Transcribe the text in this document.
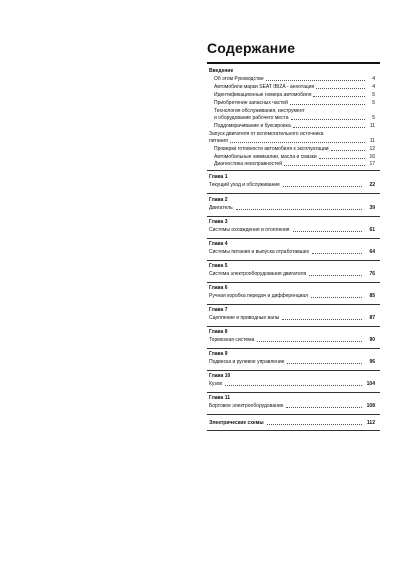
Содержание
Введение
Об этом Руководстве	4
Автомобили марки SEAT IBIZA - аннотация	4
Идентификационные номера автомобиля	5
Приобретение запасных частей	5
Технология обслуживания, инструмент
и оборудование рабочего места	5
Поддомкрачивание и буксировка	11
Запуск двигателя от вспомогательного источника
питания	11
Проверки готовности автомобиля к эксплуатации	12
Автомобильные химикалии, масла и смазки	16
Диагностика неисправностей	17
Глава 1
Текущий уход и обслуживание	22
Глава 2
Двигатель	39
Глава 3
Системы охлаждения и отопления	61
Глава 4
Системы питания и выпуска отработавших	64
Глава 5
Система электрооборудования двигателя	76
Глава 6
Ручная коробка передач и дифференциал	85
Глава 7
Сцепление и приводные валы	87
Глава 8
Тормозная система	90
Глава 9
Подвеска и рулевое управление	96
Глава 10
Кузов	104
Глава 11
Бортовое электрооборудование	108
Электрические схемы	112
